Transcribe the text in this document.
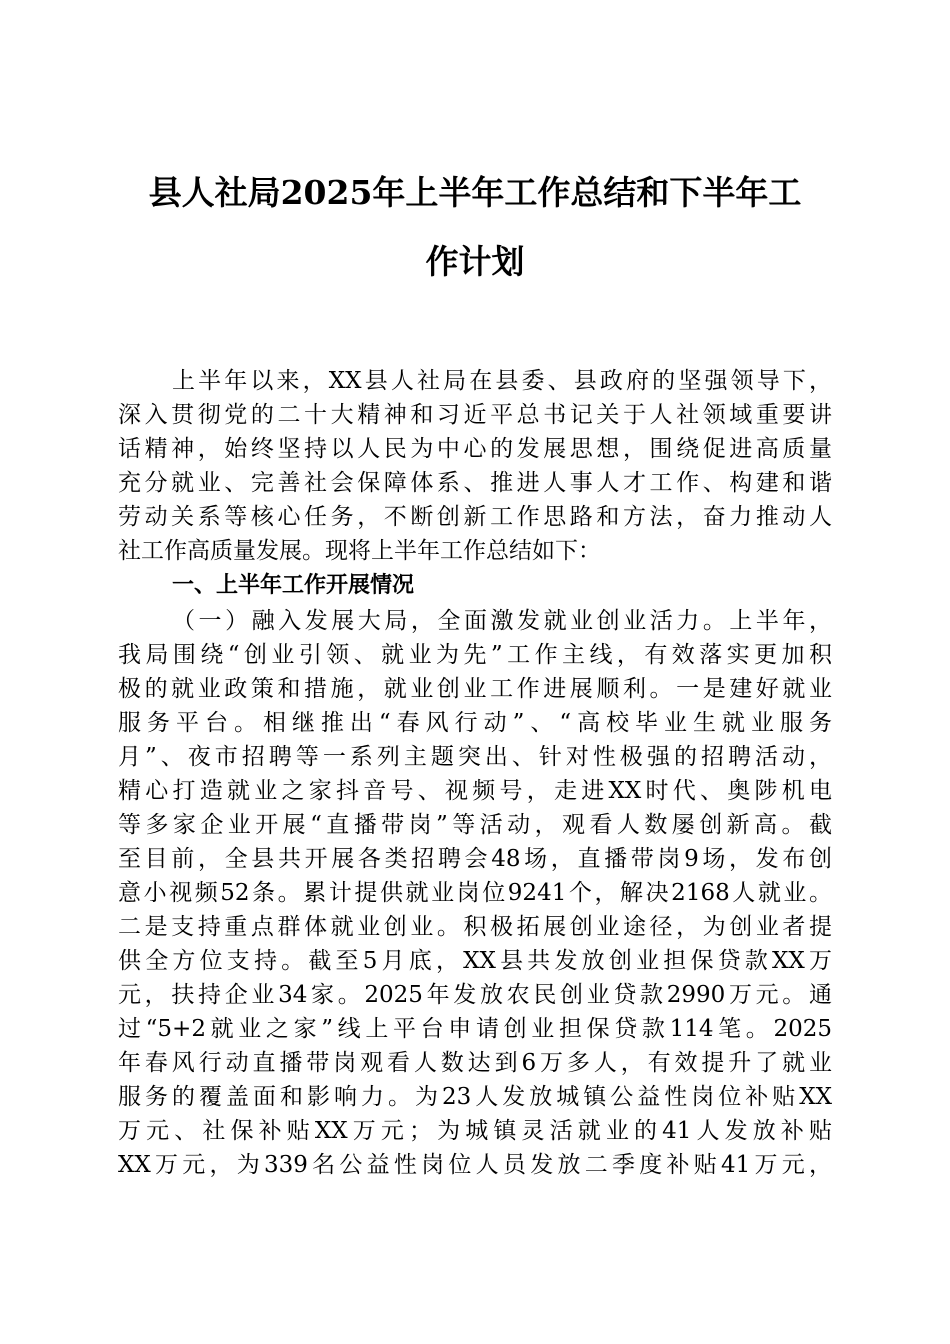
县人社局2025年上半年工作总结和下半年工
作计划

上半年以来，XX县人社局在县委、县政府的坚强领导下，

深入贯彻党的二十大精神和习近平总书记关于人社领域重要讲

话精神，始终坚持以人民为中心的发展思想，围绕促进高质量

充分就业、完善社会保障体系、推进人事人才工作、构建和谐

劳动关系等核心任务，不断创新工作思路和方法，奋力推动人

社工作高质量发展。现将上半年工作总结如下：

一、上半年工作开展情况

（一）融入发展大局，全面激发就业创业活力。上半年，

我局围绕“创业引领、就业为先”工作主线，有效落实更加积

极的就业政策和措施，就业创业工作进展顺利。一是建好就业

服务平台。相继推出“春风行动”、“高校毕业生就业服务

月”、夜市招聘等一系列主题突出、针对性极强的招聘活动，

精心打造就业之家抖音号、视频号，走进XX时代、奥陟机电

等多家企业开展“直播带岗”等活动，观看人数屡创新高。截

至目前，全县共开展各类招聘会48场，直播带岗9场，发布创

意小视频52条。累计提供就业岗位9241个，解决2168人就业。

二是支持重点群体就业创业。积极拓展创业途径，为创业者提

供全方位支持。截至5月底，XX县共发放创业担保贷款XX万

元，扶持企业34家。2025年发放农民创业贷款2990万元。通

过“5+2就业之家”线上平台申请创业担保贷款114笔。2025

年春风行动直播带岗观看人数达到6万多人，有效提升了就业

服务的覆盖面和影响力。为23人发放城镇公益性岗位补贴XX

万元、社保补贴XX万元；为城镇灵活就业的41人发放补贴

XX万元，为339名公益性岗位人员发放二季度补贴41万元，
